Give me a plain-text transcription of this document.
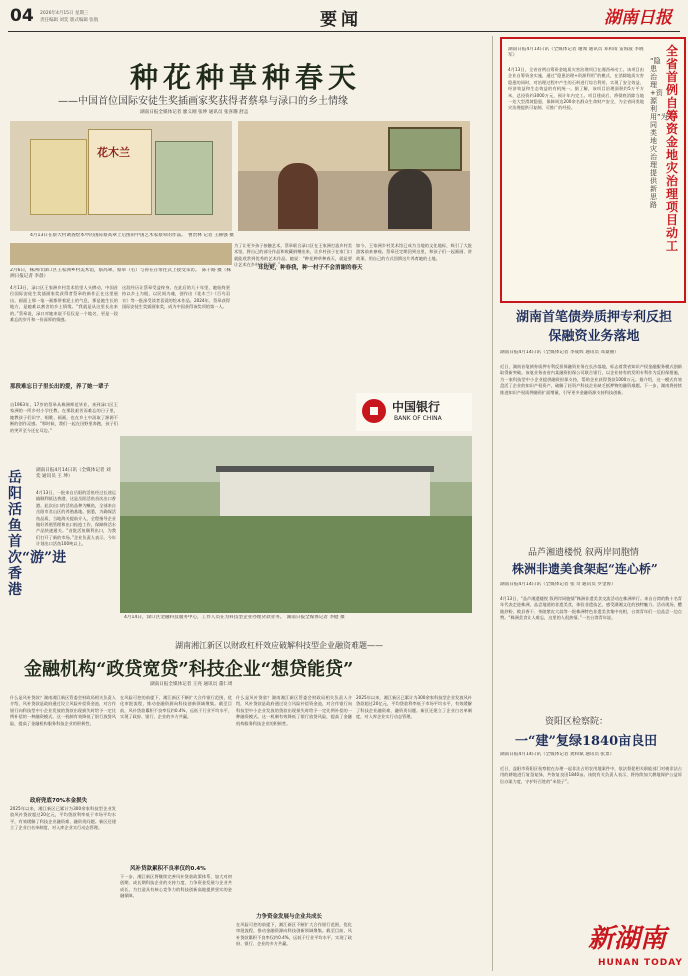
04 2026年4月15日 星期三
责任编辑 刘奕 版式编辑 张航	要闻	湖南日报
种花种草种春天
——中国首位国际安徒生奖插画家奖获得者蔡皋与渌口的乡土情缘
湖南日报全媒体记者 廖义刚 张坤 通讯员 张喜珊 舒孟
花木兰
4月13日在蔡大村调查绘本中的国际蔡高翠上后图的中国艺术家蔡皋的作品。　曹贵林 记者 王赫强 摄
2月6日，株洲市渌口区王家洲乡村美术馆，蔡高翠，蔡皋（右）与孙在在带往式上接受采访。　陈千路 摄（株洲日报记者 李晨）
4月13日，渌口区王家洲乡村美术馆里人头攒动，中国首位国际安徒生奖插画家奖获得者蔡皋的新作正在这里展出。画面上那一笔一画都带着泥土的气息，那是她生长的地方，是她难以割舍的乡土情缘。“我就是从这里长出来的。”蔡皋说，渌口对她来说不仅仅是一个地名，更是一段难忘的岁月和一份深厚的情感。
那段难忘日子里长出的爱，养了她一辈子
自1963年，17岁的蔡皋从株洲师范毕业，来到渌口区王家洲的一所乡村小学任教。在那段艰苦而难忘的日子里，她教孩子们识字、唱歌、画画，也在乡土中汲取了源源不断的创作灵感。“那时候，我们一起在田野里奔跑，孩子们的笑声至今还在耳边。”
这段经历让蔡皋受益终身。在此后的几十年里，她始终坚持以乡土为根，以民间为魂，创作出《花木兰》《百鸟羽衣》等一批深受读者喜爱的绘本作品。2024年，蔡皋获得国际安徒生奖插画家奖，成为中国获得该奖项的第一人。
为了让更多孩子接触艺术，蔡皋联合渌口区在王家洲打造乡村美术馆，将自己的部分作品和收藏捐赠出来，让乡村孩子在家门口就能欣赏到优秀的艺术作品。她说：“种花种草种春天，就是要让艺术在乡村生根发芽。”
耳边更，种春我，种一村子不会消谢的春天
如今，王家洲乡村美术馆已成为当地的文化地标，吸引了大批游客前来参观。蔡皋还定期回到这里，和孩子们一起画画、讲故事，用自己的方式回馈这片养育她的土地。
中国银行
BANK OF CHINA
岳阳活鱼首次“游”进香港
湖南日报4月14日讯（全媒体记者 刘 奕 通讯员 王 坤）
4月13日，一批来自岳阳的活鱼经过长途运输顺利抵达香港，这是岳阳活鱼首次出口香港。此次出口的活鱼品种为鳜鱼，全部来自岳阳市君山区的养殖基地。据悉，为确保活鱼品质，当地海关提前介入，全程指导企业做好养殖管理和出口检疫工作，保障鲜活水产品快速通关。“首批活鱼顺利出口，为我们打开了新的市场。”企业负责人表示，今年计划出口活鱼100吨以上。
4月14日，渌口区金融科技服务中心，工作人员在为科技型企业办理贷款业务。　湖南日报全媒体记者 李健 摄
湖南湘江新区以财政杠杆效应破解科技型企业融资难题——
金融机构“政贷宽贷”科技企业“想贷能贷”
湖南日报全媒体记者 王亮 通讯员 董仁周
什么是风补贷款？湖南湘江新区管委会财政局相关负责人介绍，风补贷款是政府通过设立风险补偿资金池，对合作银行向科技型中小企业发放的贷款出现损失时给予一定比例补偿的一种融资模式。这一机制有效降低了银行放贷风险，提高了金融机构服务科技企业的积极性。
政府兜底70%本金损失
2025年以来，湘江新区已累计为300余家科技型企业发放风补贷款超过20亿元，平均贷款利率低于市场平均水平，有效缓解了科技企业融资难、融资贵问题。新区还建立了企业白名单制度，对入库企业实行动态管理。
在风险可控的前提下，湘江新区不断扩大合作银行范围，优化审批流程，推动金融资源向科技创新领域聚集。截至目前，风补贷款累积不良率仅约0.4%，远低于行业平均水平，实现了政府、银行、企业的多方共赢。
风补贷款累积不良率仅约0.4%
下一步，湘江新区将继续完善风补贷款政策体系，加大对初创期、成长期科技企业的支持力度，力争资金发展与企业共成长，为打造具有核心竞争力的科技创新高地提供坚实的金融保障。
什么是风补贷款？湖南湘江新区管委会财政局相关负责人介绍，风补贷款是政府通过设立风险补偿资金池，对合作银行向科技型中小企业发放的贷款出现损失时给予一定比例补偿的一种融资模式。这一机制有效降低了银行放贷风险，提高了金融机构服务科技企业的积极性。
力争资金发展与企业共成长
在风险可控的前提下，湘江新区不断扩大合作银行范围，优化审批流程，推动金融资源向科技创新领域聚集。截至目前，风补贷款累积不良率仅约0.4%，远低于行业平均水平，实现了政府、银行、企业的多方共赢。
2025年以来，湘江新区已累计为300余家科技型企业发放风补贷款超过20亿元，平均贷款利率低于市场平均水平，有效缓解了科技企业融资难、融资贵问题。新区还建立了企业白名单制度，对入库企业实行动态管理。
全省首例自筹资金地灾治理项目动工
“隐患治理+资源利用”为同类地灾治理提供新思路
湖南日报4月14日讯（全媒体记者 谢闻 通讯员 邓和雨 雷海波 李晓军）
4月13日，全省首例自筹资金地质灾害治理项目在湘西州动工。该项目由企业自筹资金实施，通过“隐患治理+资源利用”的模式，在消除地质灾害隐患的同时，对治理过程中产生的石料进行综合利用，实现了安全效益、经济效益和生态效益的有机统一。据了解，该项目治理面积约5万平方米，总投资约3000万元，预计年内完工。项目建成后，将彻底消除当地一处大型滑坡隐患，保障周边200余名群众生命财产安全，为全省同类地灾治理提供可复制、可推广的经验。
湖南首笔债券质押专利反担保融资业务落地
湖南日报4月14日讯（全媒体记者 李成辉 通讯员 邓桑丽）
近日，湖南首笔债券质押专利反担保融资业务在长沙落地，标志着我省知识产权金融服务模式创新取得新突破。该笔业务由省内某融资担保公司联合银行，以企业持有的发明专利作为反担保措施，为一家科技型中小企业提供融资担保支持，帮助企业获得贷款1000万元。据介绍，这一模式有效盘活了企业的知识产权资产，破解了轻资产科技企业缺乏抵押物的融资难题。下一步，湖南将持续推进知识产权质押融资扩面增量，引导更多金融资源支持科技创新。
品芦湘遗楼悦 叙两岸同胞情
株洲非遗美食架起“连心桥”
湖南日报4月14日讯（全媒体记者 张 奇 通讯员 罗金蓉）
4月13日，“品芦湘遗楼悦 叙两岸同胞情”株洲非遗美食交流活动在株洲举行。来自台湾的数十名青年代表走进株洲，品尝地道的非遗美食，体验非遗技艺，感受湖湘文化的独特魅力。活动现场，醴陵炒粉、攸县香干、茶陵紫皮大蒜等一批株洲特色非遗美食集中亮相，台湾青年们一边品尝一边点赞。“株洲美食让人难忘，这里的人很热情。”一名台湾青年说。
资阳区检察院：
一“建”复绿1840亩良田
湖南日报4月14日讯（全媒体记者 龚和斌 通讯员 张景）
近日，益阳市资阳区检察院在办理一起非法占用农用地案件中，依法督促相关职能部门对被非法占用的耕地进行复垦复绿，共恢复良田1840亩。该院有关负责人表示，将持续加大耕地保护公益诉讼办案力度，守护好百姓的“米袋子”。
新湖南
HUNAN TODAY
